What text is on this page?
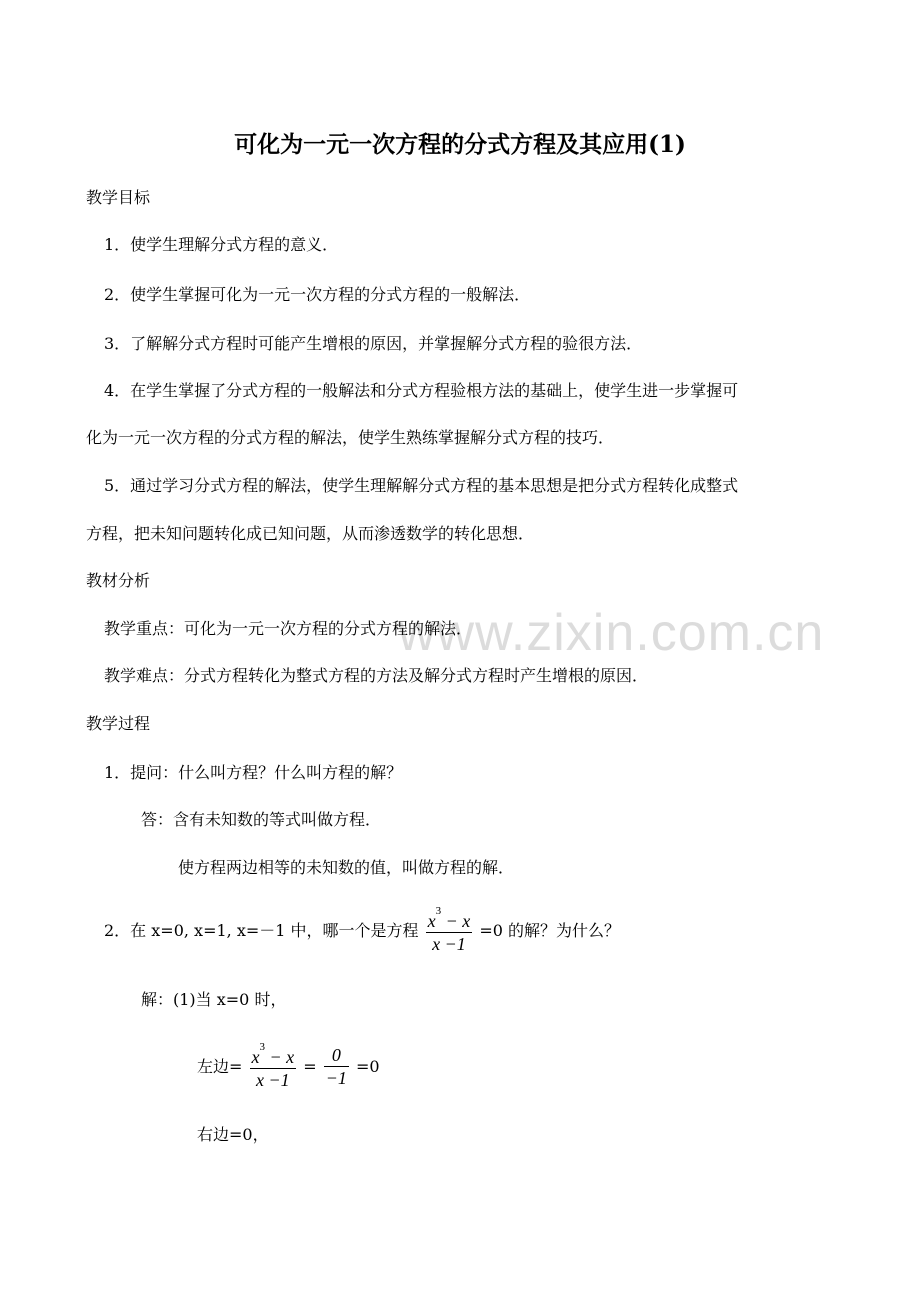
www.zixin.com.cn
可化为一元一次方程的分式方程及其应用(1)
教学目标
1．使学生理解分式方程的意义．
2．使学生掌握可化为一元一次方程的分式方程的一般解法．
3．了解解分式方程时可能产生增根的原因，并掌握解分式方程的验很方法．
4．在学生掌握了分式方程的一般解法和分式方程验根方法的基础上，使学生进一步掌握可
化为一元一次方程的分式方程的解法，使学生熟练掌握解分式方程的技巧．
5．通过学习分式方程的解法，使学生理解解分式方程的基本思想是把分式方程转化成整式
方程，把未知问题转化成已知问题，从而渗透数学的转化思想．
教材分析
教学重点：可化为一元一次方程的分式方程的解法．
教学难点：分式方程转化为整式方程的方法及解分式方程时产生增根的原因．
教学过程
1．提问：什么叫方程？什么叫方程的解？
答：含有未知数的等式叫做方程．
使方程两边相等的未知数的值，叫做方程的解．
2．在 x=0, x=1, x=－1 中，哪一个是方程 $\frac{x^3 - x}{x -1} =0$ 的解？为什么？
解：(1)当 x=0 时，
左边= $\frac{x^3 - x}{x -1} = \frac{0}{-1} =0$
右边=0，
